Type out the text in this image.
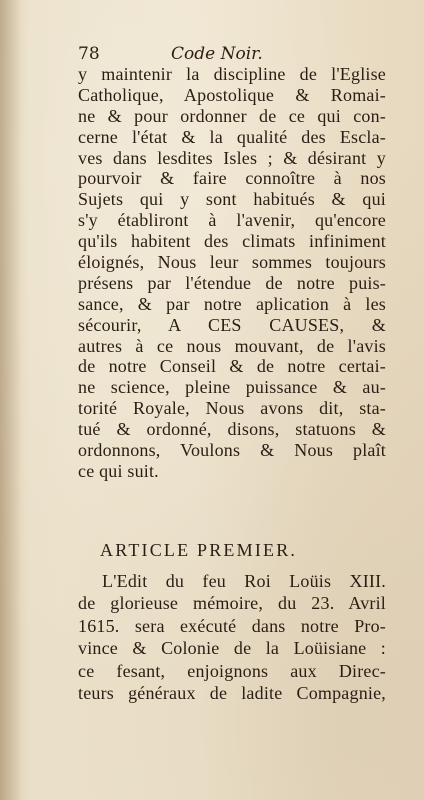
78	Code Noir.
y maintenir la discipline de l'Eglise
Catholique, Apostolique & Romai-
ne & pour ordonner de ce qui con-
cerne l'état & la qualité des Escla-
ves dans lesdites Isles ; & désirant y
pourvoir & faire connoître à nos
Sujets qui y sont habitués & qui
s'y établiront à l'avenir, qu'encore
qu'ils habitent des climats infiniment
éloignés, Nous leur sommes toujours
présens par l'étendue de notre puis-
sance, & par notre aplication à les
sécourir, A CES CAUSES, &
autres à ce nous mouvant, de l'avis
de notre Conseil & de notre certai-
ne science, pleine puissance & au-
torité Royale, Nous avons dit, sta-
tué & ordonné, disons, statuons &
ordonnons, Voulons & Nous plaît
ce qui suit.
ARTICLE PREMIER.
L'Edit du feu Roi Loüis XIII.
de glorieuse mémoire, du 23. Avril
1615. sera exécuté dans notre Pro-
vince & Colonie de la Loüisiane :
ce fesant, enjoignons aux Direc-
teurs généraux de ladite Compagnie,
